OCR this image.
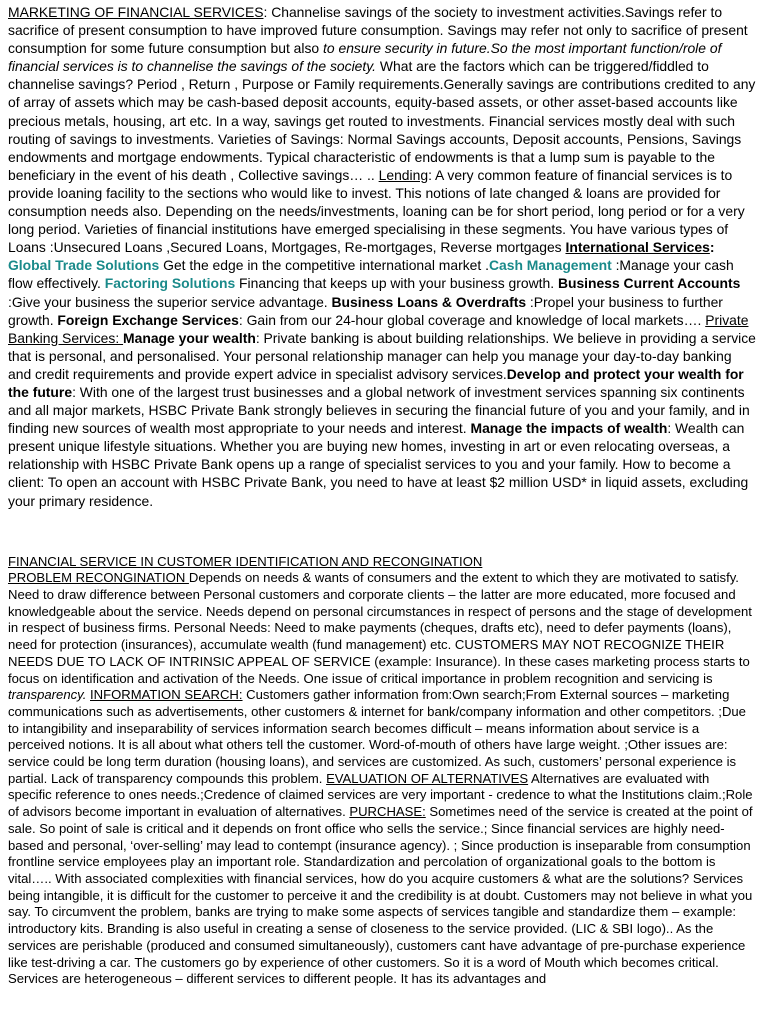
MARKETING OF FINANCIAL SERVICES: Channelise savings of the society to investment activities.Savings refer to sacrifice of present consumption to have improved future consumption. Savings may refer not only to sacrifice of present consumption for some future consumption but also to ensure security in future.So the most important function/role of financial services is to channelise the savings of the society. What are the factors which can be triggered/fiddled to channelise savings? Period , Return , Purpose or Family requirements.Generally savings are contributions credited to any of array of assets which may be cash-based deposit accounts, equity-based assets, or other asset-based accounts like precious metals, housing, art etc. In a way, savings get routed to investments. Financial services mostly deal with such routing of savings to investments. Varieties of Savings: Normal Savings accounts, Deposit accounts, Pensions, Savings endowments and mortgage endowments. Typical characteristic of endowments is that a lump sum is payable to the beneficiary in the event of his death , Collective savings… .. Lending: A very common feature of financial services is to provide loaning facility to the sections who would like to invest. This notions of late changed & loans are provided for consumption needs also. Depending on the needs/investments, loaning can be for short period, long period or for a very long period. Varieties of financial institutions have emerged specialising in these segments. You have various types of Loans :Unsecured Loans ,Secured Loans, Mortgages, Re-mortgages, Reverse mortgages International Services: Global Trade Solutions Get the edge in the competitive international market .Cash Management :Manage your cash flow effectively. Factoring Solutions Financing that keeps up with your business growth. Business Current Accounts :Give your business the superior service advantage. Business Loans & Overdrafts :Propel your business to further growth. Foreign Exchange Services: Gain from our 24-hour global coverage and knowledge of local markets…. Private Banking Services: Manage your wealth: Private banking is about building relationships. We believe in providing a service that is personal, and personalised. Your personal relationship manager can help you manage your day-to-day banking and credit requirements and provide expert advice in specialist advisory services.Develop and protect your wealth for the future: With one of the largest trust businesses and a global network of investment services spanning six continents and all major markets, HSBC Private Bank strongly believes in securing the financial future of you and your family, and in finding new sources of wealth most appropriate to your needs and interest. Manage the impacts of wealth: Wealth can present unique lifestyle situations. Whether you are buying new homes, investing in art or even relocating overseas, a relationship with HSBC Private Bank opens up a range of specialist services to you and your family. How to become a client: To open an account with HSBC Private Bank, you need to have at least $2 million USD* in liquid assets, excluding your primary residence.

FINANCIAL SERVICE IN CUSTOMER IDENTIFICATION AND RECONGINATION
PROBLEM RECONGINATION Depends on needs & wants of consumers and the extent to which they are motivated to satisfy. Need to draw difference between Personal customers and corporate clients – the latter are more educated, more focused and knowledgeable about the service. Needs depend on personal circumstances in respect of persons and the stage of development in respect of business firms. Personal Needs: Need to make payments (cheques, drafts etc), need to defer payments (loans), need for protection (insurances), accumulate wealth (fund management) etc. CUSTOMERS MAY NOT RECOGNIZE THEIR NEEDS DUE TO LACK OF INTRINSIC APPEAL OF SERVICE (example: Insurance). In these cases marketing process starts to focus on identification and activation of the Needs. One issue of critical importance in problem recognition and servicing is transparency. INFORMATION SEARCH: Customers gather information from:Own search;From External sources – marketing communications such as advertisements, other customers & internet for bank/company information and other competitors. ;Due to intangibility and inseparability of services information search becomes difficult – means information about service is a perceived notions. It is all about what others tell the customer. Word-of-mouth of others have large weight. ;Other issues are: service could be long term duration (housing loans), and services are customized. As such, customers’ personal experience is partial. Lack of transparency compounds this problem. EVALUATION OF ALTERNATIVES Alternatives are evaluated with specific reference to ones needs.;Credence of claimed services are very important - credence to what the Institutions claim.;Role of advisors become important in evaluation of alternatives. PURCHASE: Sometimes need of the service is created at the point of sale. So point of sale is critical and it depends on front office who sells the service.; Since financial services are highly need-based and personal, ‘over-selling’ may lead to contempt (insurance agency). ; Since production is inseparable from consumption frontline service employees play an important role. Standardization and percolation of organizational goals to the bottom is vital….. With associated complexities with financial services, how do you acquire customers & what are the solutions? Services being intangible, it is difficult for the customer to perceive it and the credibility is at doubt. Customers may not believe in what you say. To circumvent the problem, banks are trying to make some aspects of services tangible and standardize them – example: introductory kits. Branding is also useful in creating a sense of closeness to the service provided. (LIC & SBI logo).. As the services are perishable (produced and consumed simultaneously), customers cant have advantage of pre-purchase experience like test-driving a car. The customers go by experience of other customers. So it is a word of Mouth which becomes critical. Services are heterogeneous – different services to different people. It has its advantages and
